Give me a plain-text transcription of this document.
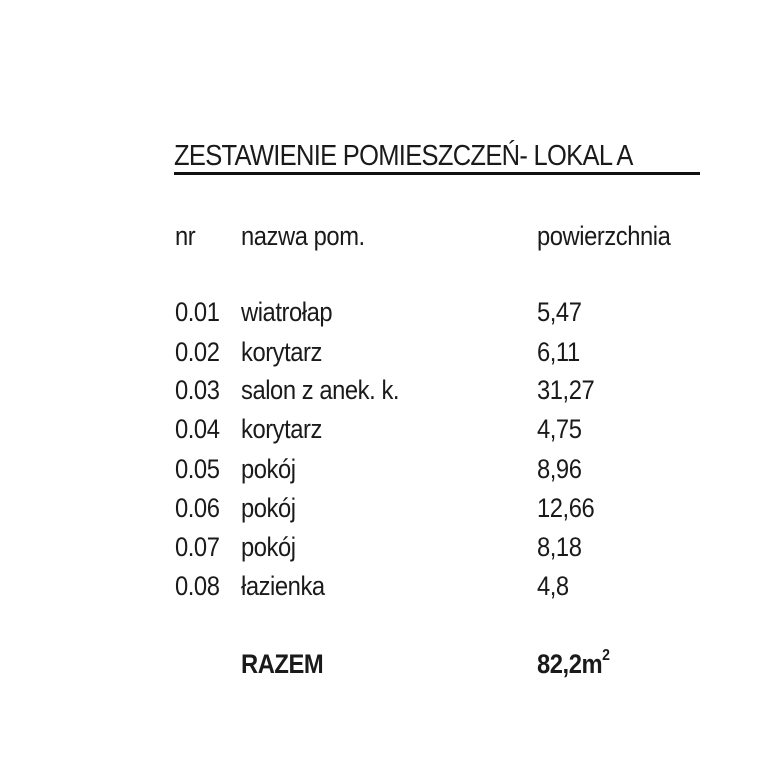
ZESTAWIENIE POMIESZCZEŃ- LOKAL A
nr nazwa pom.	powierzchnia
0.01 wiatrołap	5,47
0.02 korytarz	6,11
0.03 salon z anek. k.	31,27
0.04 korytarz	4,75
0.05 pokój	8,96
0.06 pokój	12,66
0.07 pokój	8,18
0.08 łazienka	4,8
RAZEM	$82,2m^2$
